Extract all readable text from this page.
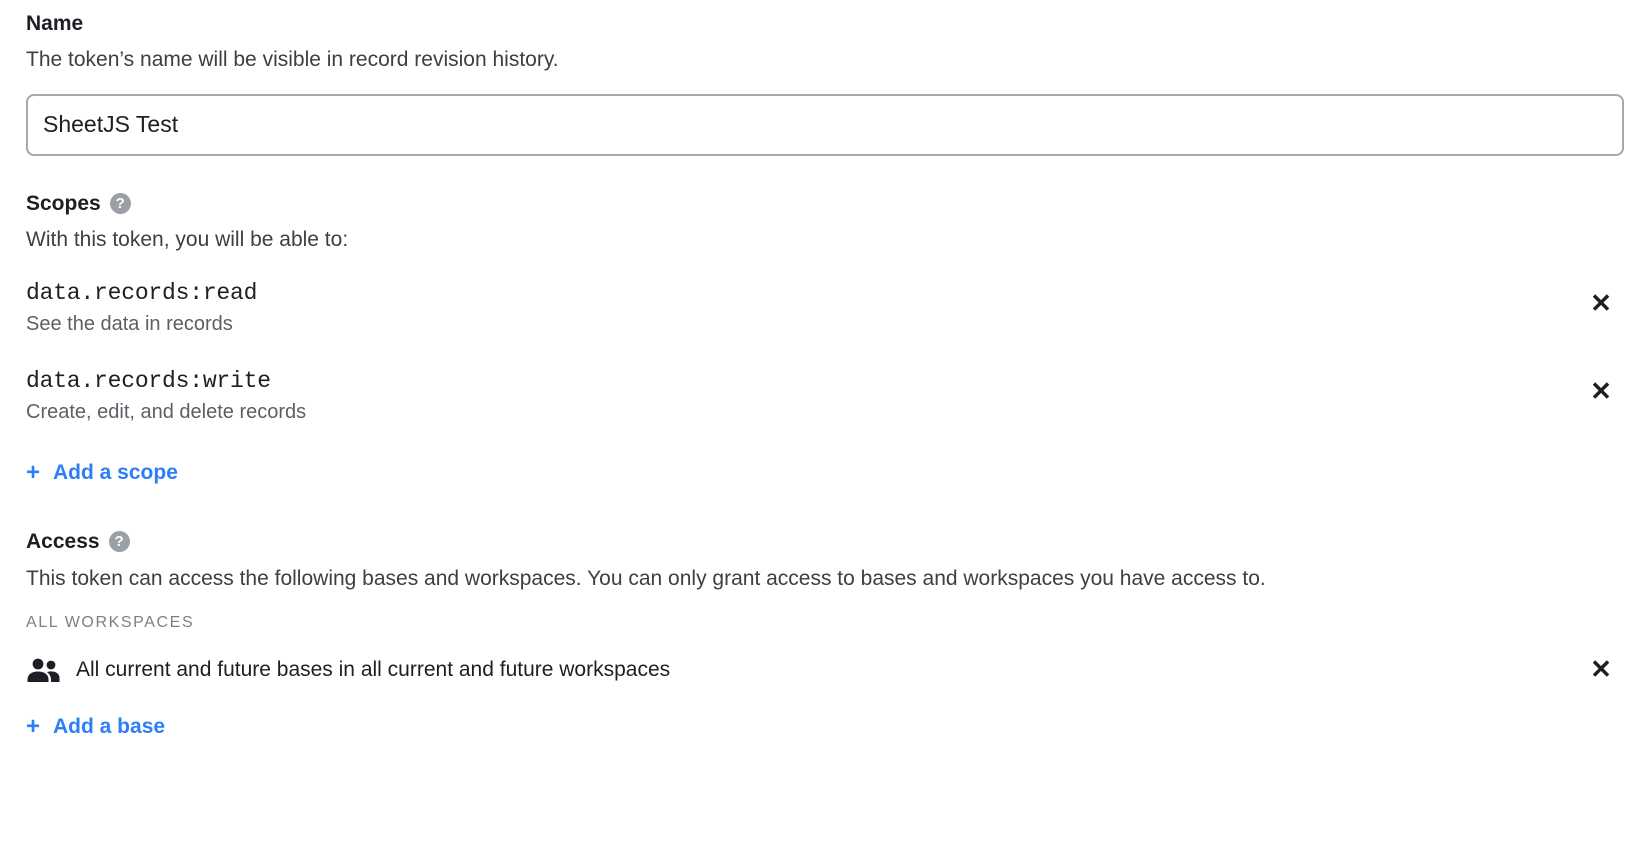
Name
The token’s name will be visible in record revision history.
SheetJS Test
Scopes ?
With this token, you will be able to:
data.records:read
See the data in records
✕
data.records:write
Create, edit, and delete records
✕
+ Add a scope
Access ?
This token can access the following bases and workspaces. You can only grant access to bases and workspaces you have access to.
ALL WORKSPACES
All current and future bases in all current and future workspaces	✕
+ Add a base
